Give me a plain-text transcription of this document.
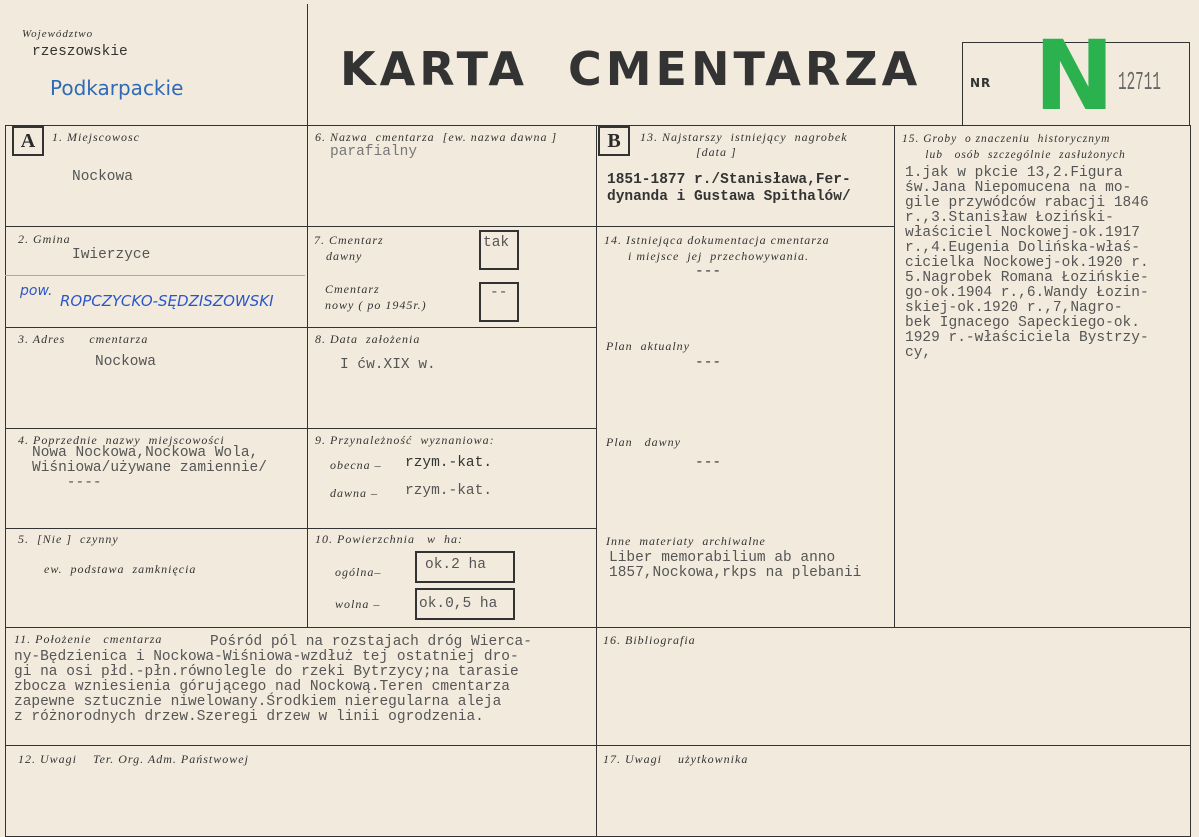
Województwo
rzeszowskie
Podkarpackie	KARTA CMENTARZA	NR N 12711
A	B
1. Miejscowosc
Nockowa
2. Gmina
Iwierzyce
pow.
ROPCZYCKO-SĘDZISZOWSKI
3. Adres      cmentarza
Nockowa
4. Poprzednie  nazwy  miejscowości
Nowa Nockowa,Nockowa Wola,
Wiśniowa/używane zamiennie/
----
5.  [Nie ]  czynny
ew.  podstawa  zamknięcia
6. Nazwa  cmentarza  [ew. nazwa dawna ]
parafialny
7. Cmentarz
dawny
tak
Cmentarz
nowy ( po 1945r.)
--
8. Data  założenia
I ćw.XIX w.
9. Przynależność  wyznaniowa:
obecna – rzym.-kat.
dawna – rzym.-kat.
10. Powierzchnia   w  ha:
ogólna–	ok.2 ha
wolna –	ok.0,5 ha
13. Najstarszy  istniejący  nagrobek
[data ]
1851-1877 r./Stanisława,Fer-
dynanda i Gustawa Spithalów/
14. Istniejąca dokumentacja cmentarza
i miejsce  jej  przechowywania.
---
Plan  aktualny
---
Plan   dawny
---
Inne  materiaty  archiwalne
Liber memorabilium ab anno
1857,Nockowa,rkps na plebanii
15. Groby  o znaczeniu  historycznym
lub   osób  szczególnie  zasłużonych
1.jak w pkcie 13,2.Figura
św.Jana Niepomucena na mo-
gile przywódców rabacji 1846
r.,3.Stanisław Łoziński-
właściciel Nockowej-ok.1917
r.,4.Eugenia Dolińska-właś-
cicielka Nockowej-ok.1920 r.
5.Nagrobek Romana Łozińskie-
go-ok.1904 r.,6.Wandy Łozin-
skiej-ok.1920 r.,7,Nagro-
bek Ignacego Sapeckiego-ok.
1929 r.-właściciela Bystrzy-
cy,
11. Położenie   cmentarza	Pośród pól na rozstajach dróg Wierca-
ny-Będzienica i Nockowa-Wiśniowa-wzdłuż tej ostatniej dro-
gi na osi płd.-płn.równolegle do rzeki Bytrzycy;na tarasie
zbocza wzniesienia górującego nad Nockową.Teren cmentarza
zapewne sztucznie niwelowany.Środkiem nieregularna aleja
z różnorodnych drzew.Szeregi drzew w linii ogrodzenia.
16. Bibliografia
12. Uwagi    Ter. Org. Adm. Państwowej	17. Uwagi    użytkownika
